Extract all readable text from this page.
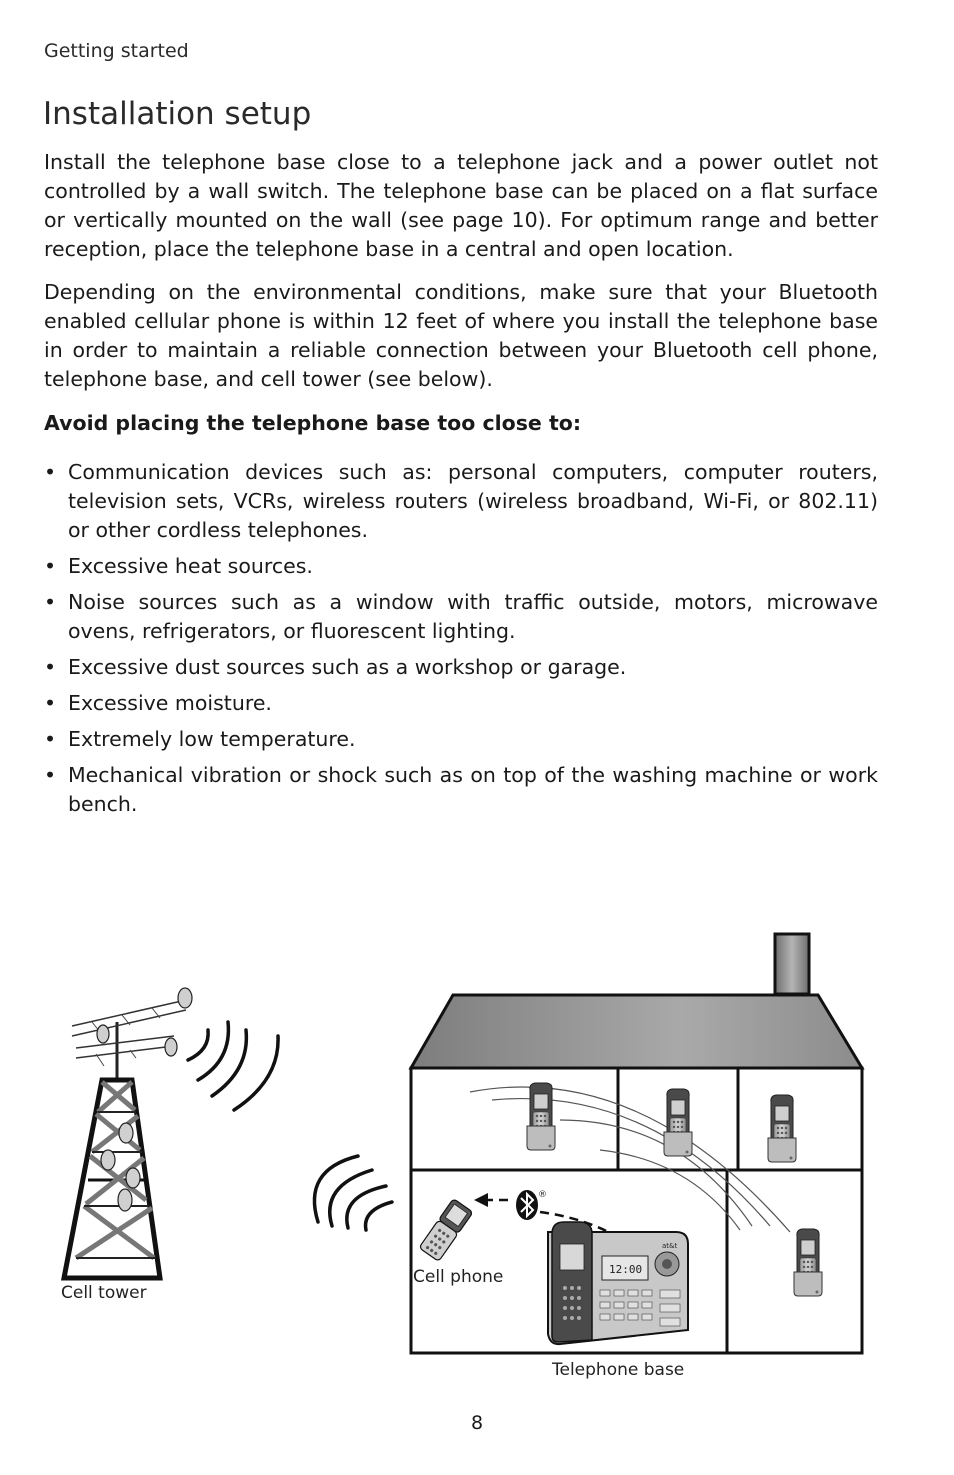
Getting started
Installation setup

Install the telephone base close to a telephone jack and a power outlet not controlled by a wall switch. The telephone base can be placed on a flat surface or vertically mounted on the wall (see page 10). For optimum range and better reception, place the telephone base in a central and open location.

Depending on the environmental conditions, make sure that your Bluetooth enabled cellular phone is within 12 feet of where you install the telephone base in order to maintain a reliable connection between your Bluetooth cell phone, telephone base, and cell tower (see below).

Avoid placing the telephone base too close to:

• Communication devices such as: personal computers, computer routers, television sets, VCRs, wireless routers (wireless broadband, Wi-Fi, or 802.11) or other cordless telephones.
• Excessive heat sources.
• Noise sources such as a window with traffic outside, motors, microwave ovens, refrigerators, or fluorescent lighting.
• Excessive dust sources such as a workshop or garage.
• Excessive moisture.
• Extremely low temperature.
• Mechanical vibration or shock such as on top of the washing machine or work bench.
Cell tower
Cell phone
®
12:00
at&t
Telephone base
8
